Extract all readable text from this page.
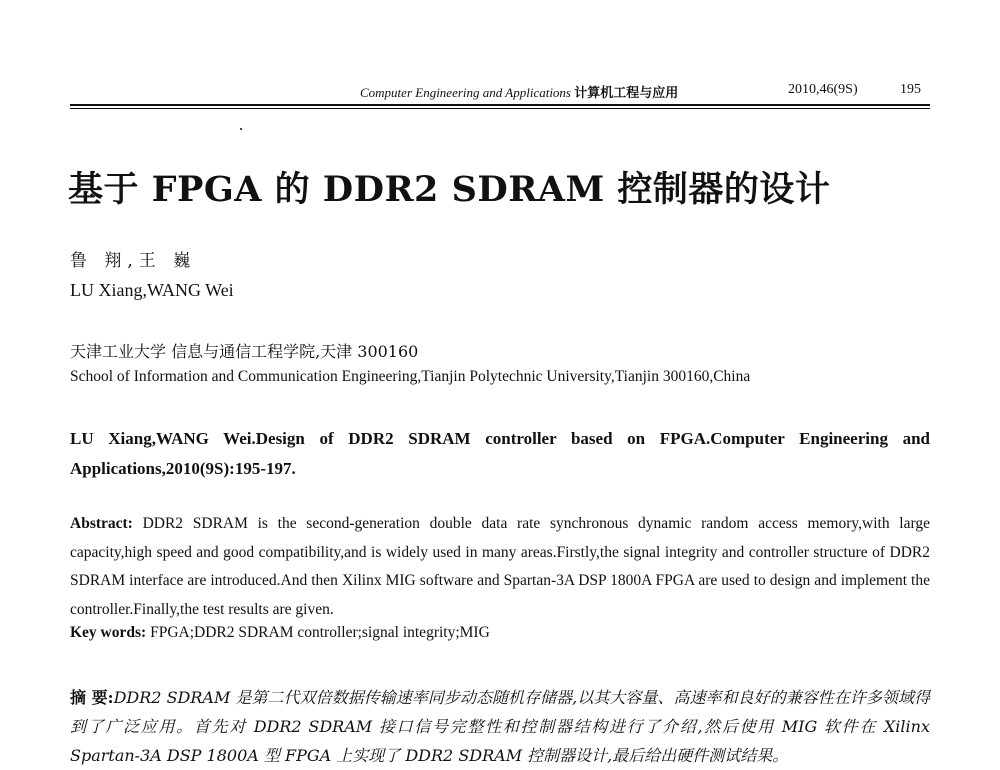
Computer Engineering and Applications 计算机工程与应用	2010,46(9S)	195
基于 FPGA 的 DDR2 SDRAM 控制器的设计
鲁 翔,王 巍
LU Xiang,WANG Wei
天津工业大学 信息与通信工程学院,天津 300160
School of Information and Communication Engineering,Tianjin Polytechnic University,Tianjin 300160,China
LU Xiang,WANG Wei.Design of DDR2 SDRAM controller based on FPGA.Computer Engineering and Applications,2010(9S):195-197.
Abstract: DDR2 SDRAM is the second-generation double data rate synchronous dynamic random access memory,with large capacity,high speed and good compatibility,and is widely used in many areas.Firstly,the signal integrity and controller structure of DDR2 SDRAM interface are introduced.And then Xilinx MIG software and Spartan-3A DSP 1800A FPGA are used to design and implement the controller.Finally,the test results are given.
Key words: FPGA;DDR2 SDRAM controller;signal integrity;MIG
摘 要:DDR2 SDRAM 是第二代双倍数据传输速率同步动态随机存储器,以其大容量、高速率和良好的兼容性在许多领域得到了广泛应用。首先对 DDR2 SDRAM 接口信号完整性和控制器结构进行了介绍,然后使用 MIG 软件在 Xilinx Spartan-3A DSP 1800A 型 FPGA 上实现了 DDR2 SDRAM 控制器设计,最后给出硬件测试结果。
